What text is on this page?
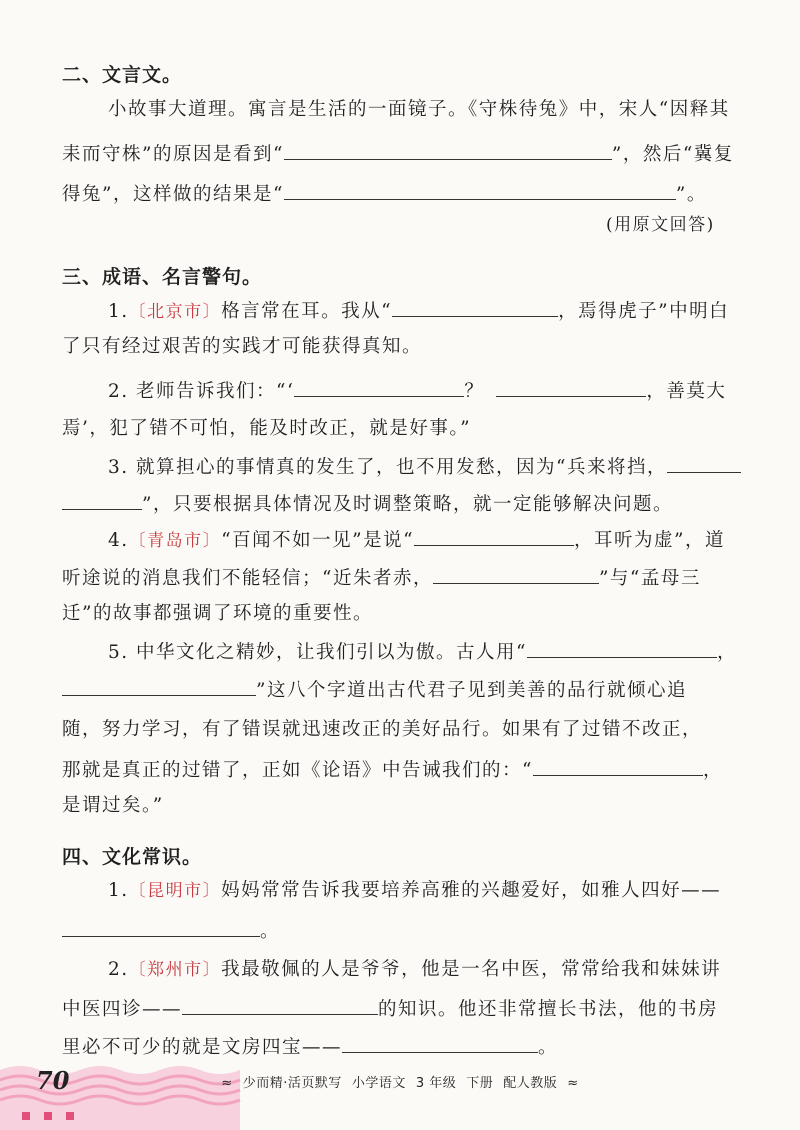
二、文言文。
小故事大道理。寓言是生活的一面镜子。《守株待兔》中，宋人“因释其
耒而守株”的原因是看到“	”，然后“冀复
得兔”，这样做的结果是“	”。
(用原文回答)
三、成语、名言警句。
1.〔北京市〕格言常在耳。我从“	，焉得虎子”中明白
了只有经过艰苦的实践才可能获得真知。
2. 老师告诉我们：“‘	？	，善莫大
焉’，犯了错不可怕，能及时改正，就是好事。”
3. 就算担心的事情真的发生了，也不用发愁，因为“兵来将挡，
”，只要根据具体情况及时调整策略，就一定能够解决问题。
4.〔青岛市〕“百闻不如一见”是说“	，耳听为虚”，道
听途说的消息我们不能轻信；“近朱者赤，	”与“孟母三
迁”的故事都强调了环境的重要性。
5. 中华文化之精妙，让我们引以为傲。古人用“	，
”这八个字道出古代君子见到美善的品行就倾心追
随，努力学习，有了错误就迅速改正的美好品行。如果有了过错不改正，
那就是真正的过错了，正如《论语》中告诫我们的：“	，
是谓过矣。”
四、文化常识。
1.〔昆明市〕妈妈常常告诉我要培养高雅的兴趣爱好，如雅人四好——
。
2.〔郑州市〕我最敬佩的人是爷爷，他是一名中医，常常给我和妹妹讲
中医四诊——	的知识。他还非常擅长书法，他的书房
里必不可少的就是文房四宝——	。
70	≈ 少而精·活页默写 小学语文 3 年级 下册 配人教版 ≈
